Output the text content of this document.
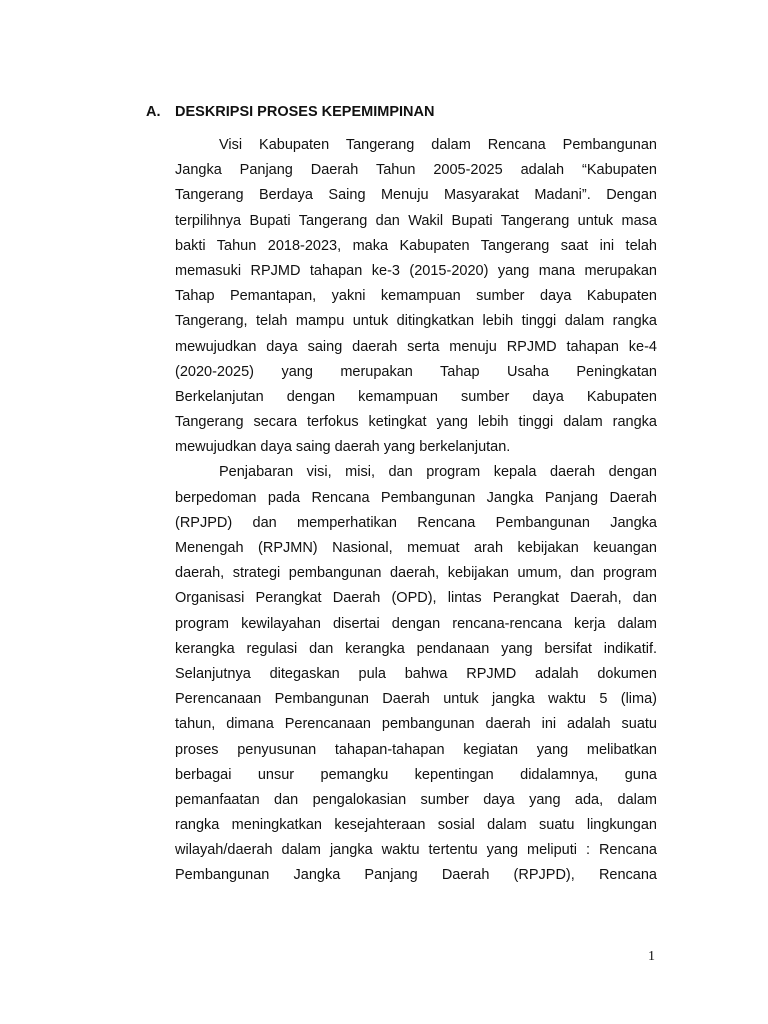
A. DESKRIPSI PROSES KEPEMIMPINAN
Visi Kabupaten Tangerang dalam Rencana Pembangunan
Jangka Panjang Daerah Tahun 2005-2025 adalah “Kabupaten
Tangerang Berdaya Saing Menuju Masyarakat Madani”. Dengan
terpilihnya Bupati Tangerang dan Wakil Bupati Tangerang untuk masa
bakti Tahun 2018-2023, maka Kabupaten Tangerang saat ini telah
memasuki RPJMD tahapan ke-3 (2015-2020) yang mana merupakan
Tahap Pemantapan, yakni kemampuan sumber daya Kabupaten
Tangerang, telah mampu untuk ditingkatkan lebih tinggi dalam rangka
mewujudkan daya saing daerah serta menuju RPJMD tahapan ke-4
(2020-2025) yang merupakan Tahap Usaha Peningkatan
Berkelanjutan dengan kemampuan sumber daya Kabupaten
Tangerang secara terfokus ketingkat yang lebih tinggi dalam rangka
mewujudkan daya saing daerah yang berkelanjutan.
Penjabaran visi, misi, dan program kepala daerah dengan
berpedoman pada Rencana Pembangunan Jangka Panjang Daerah
(RPJPD) dan memperhatikan Rencana Pembangunan Jangka
Menengah (RPJMN) Nasional, memuat arah kebijakan keuangan
daerah, strategi pembangunan daerah, kebijakan umum, dan program
Organisasi Perangkat Daerah (OPD), lintas Perangkat Daerah, dan
program kewilayahan disertai dengan rencana-rencana kerja dalam
kerangka regulasi dan kerangka pendanaan yang bersifat indikatif.
Selanjutnya ditegaskan pula bahwa RPJMD adalah dokumen
Perencanaan Pembangunan Daerah untuk jangka waktu 5 (lima)
tahun, dimana Perencanaan pembangunan daerah ini adalah suatu
proses penyusunan tahapan-tahapan kegiatan yang melibatkan
berbagai unsur pemangku kepentingan didalamnya, guna
pemanfaatan dan pengalokasian sumber daya yang ada, dalam
rangka meningkatkan kesejahteraan sosial dalam suatu lingkungan
wilayah/daerah dalam jangka waktu tertentu yang meliputi : Rencana
Pembangunan Jangka Panjang Daerah (RPJPD), Rencana
1
